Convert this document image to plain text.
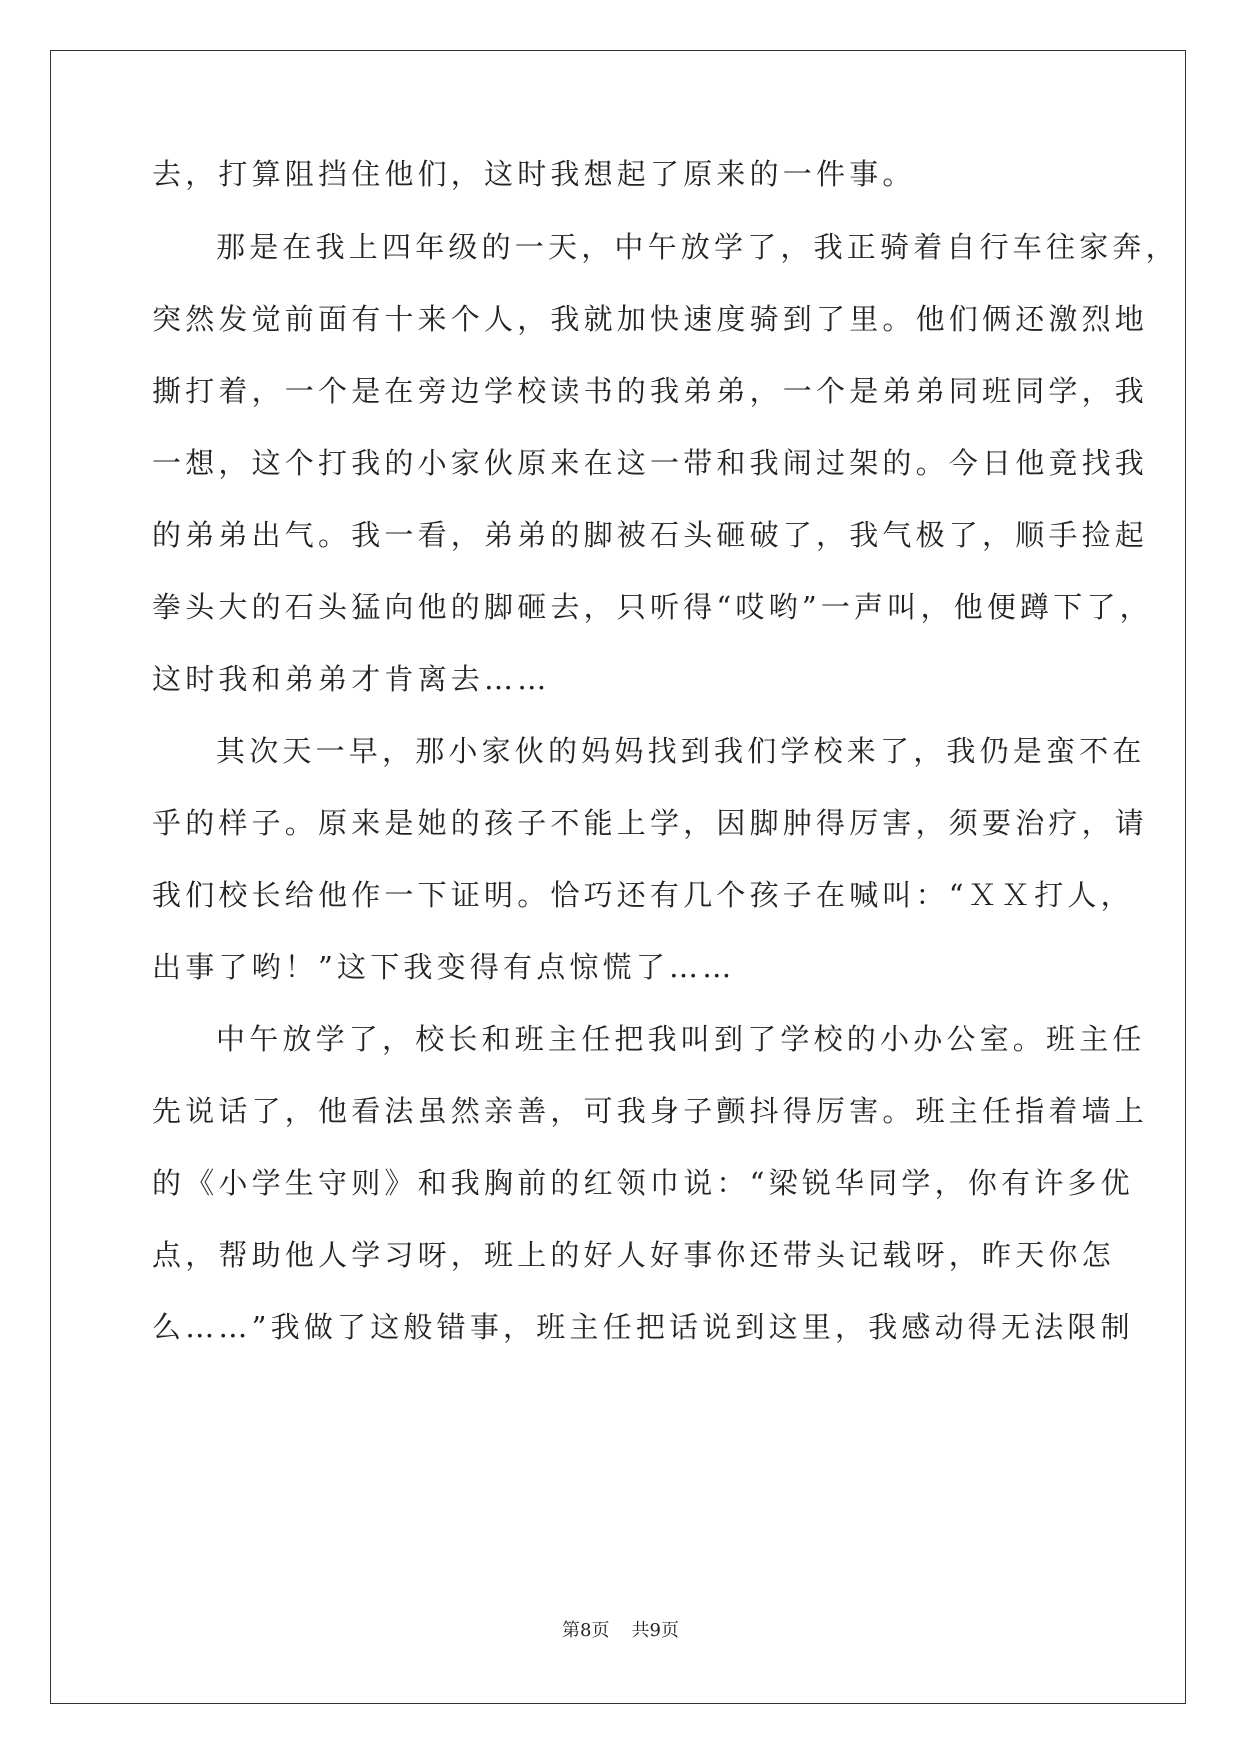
去，打算阻挡住他们，这时我想起了原来的一件事。
那是在我上四年级的一天，中午放学了，我正骑着自行车往家奔，
突然发觉前面有十来个人，我就加快速度骑到了里。他们俩还激烈地
撕打着，一个是在旁边学校读书的我弟弟，一个是弟弟同班同学，我
一想，这个打我的小家伙原来在这一带和我闹过架的。今日他竟找我
的弟弟出气。我一看，弟弟的脚被石头砸破了，我气极了，顺手捡起
拳头大的石头猛向他的脚砸去，只听得“哎哟”一声叫，他便蹲下了，
这时我和弟弟才肯离去……
其次天一早，那小家伙的妈妈找到我们学校来了，我仍是蛮不在
乎的样子。原来是她的孩子不能上学，因脚肿得厉害，须要治疗，请
我们校长给他作一下证明。恰巧还有几个孩子在喊叫：“ＸＸ打人，
出事了哟！”这下我变得有点惊慌了……
中午放学了，校长和班主任把我叫到了学校的小办公室。班主任
先说话了，他看法虽然亲善，可我身子颤抖得厉害。班主任指着墙上
的《小学生守则》和我胸前的红领巾说：“梁锐华同学，你有许多优
点，帮助他人学习呀，班上的好人好事你还带头记载呀，昨天你怎
么……”我做了这般错事，班主任把话说到这里，我感动得无法限制
第8页 共9页
